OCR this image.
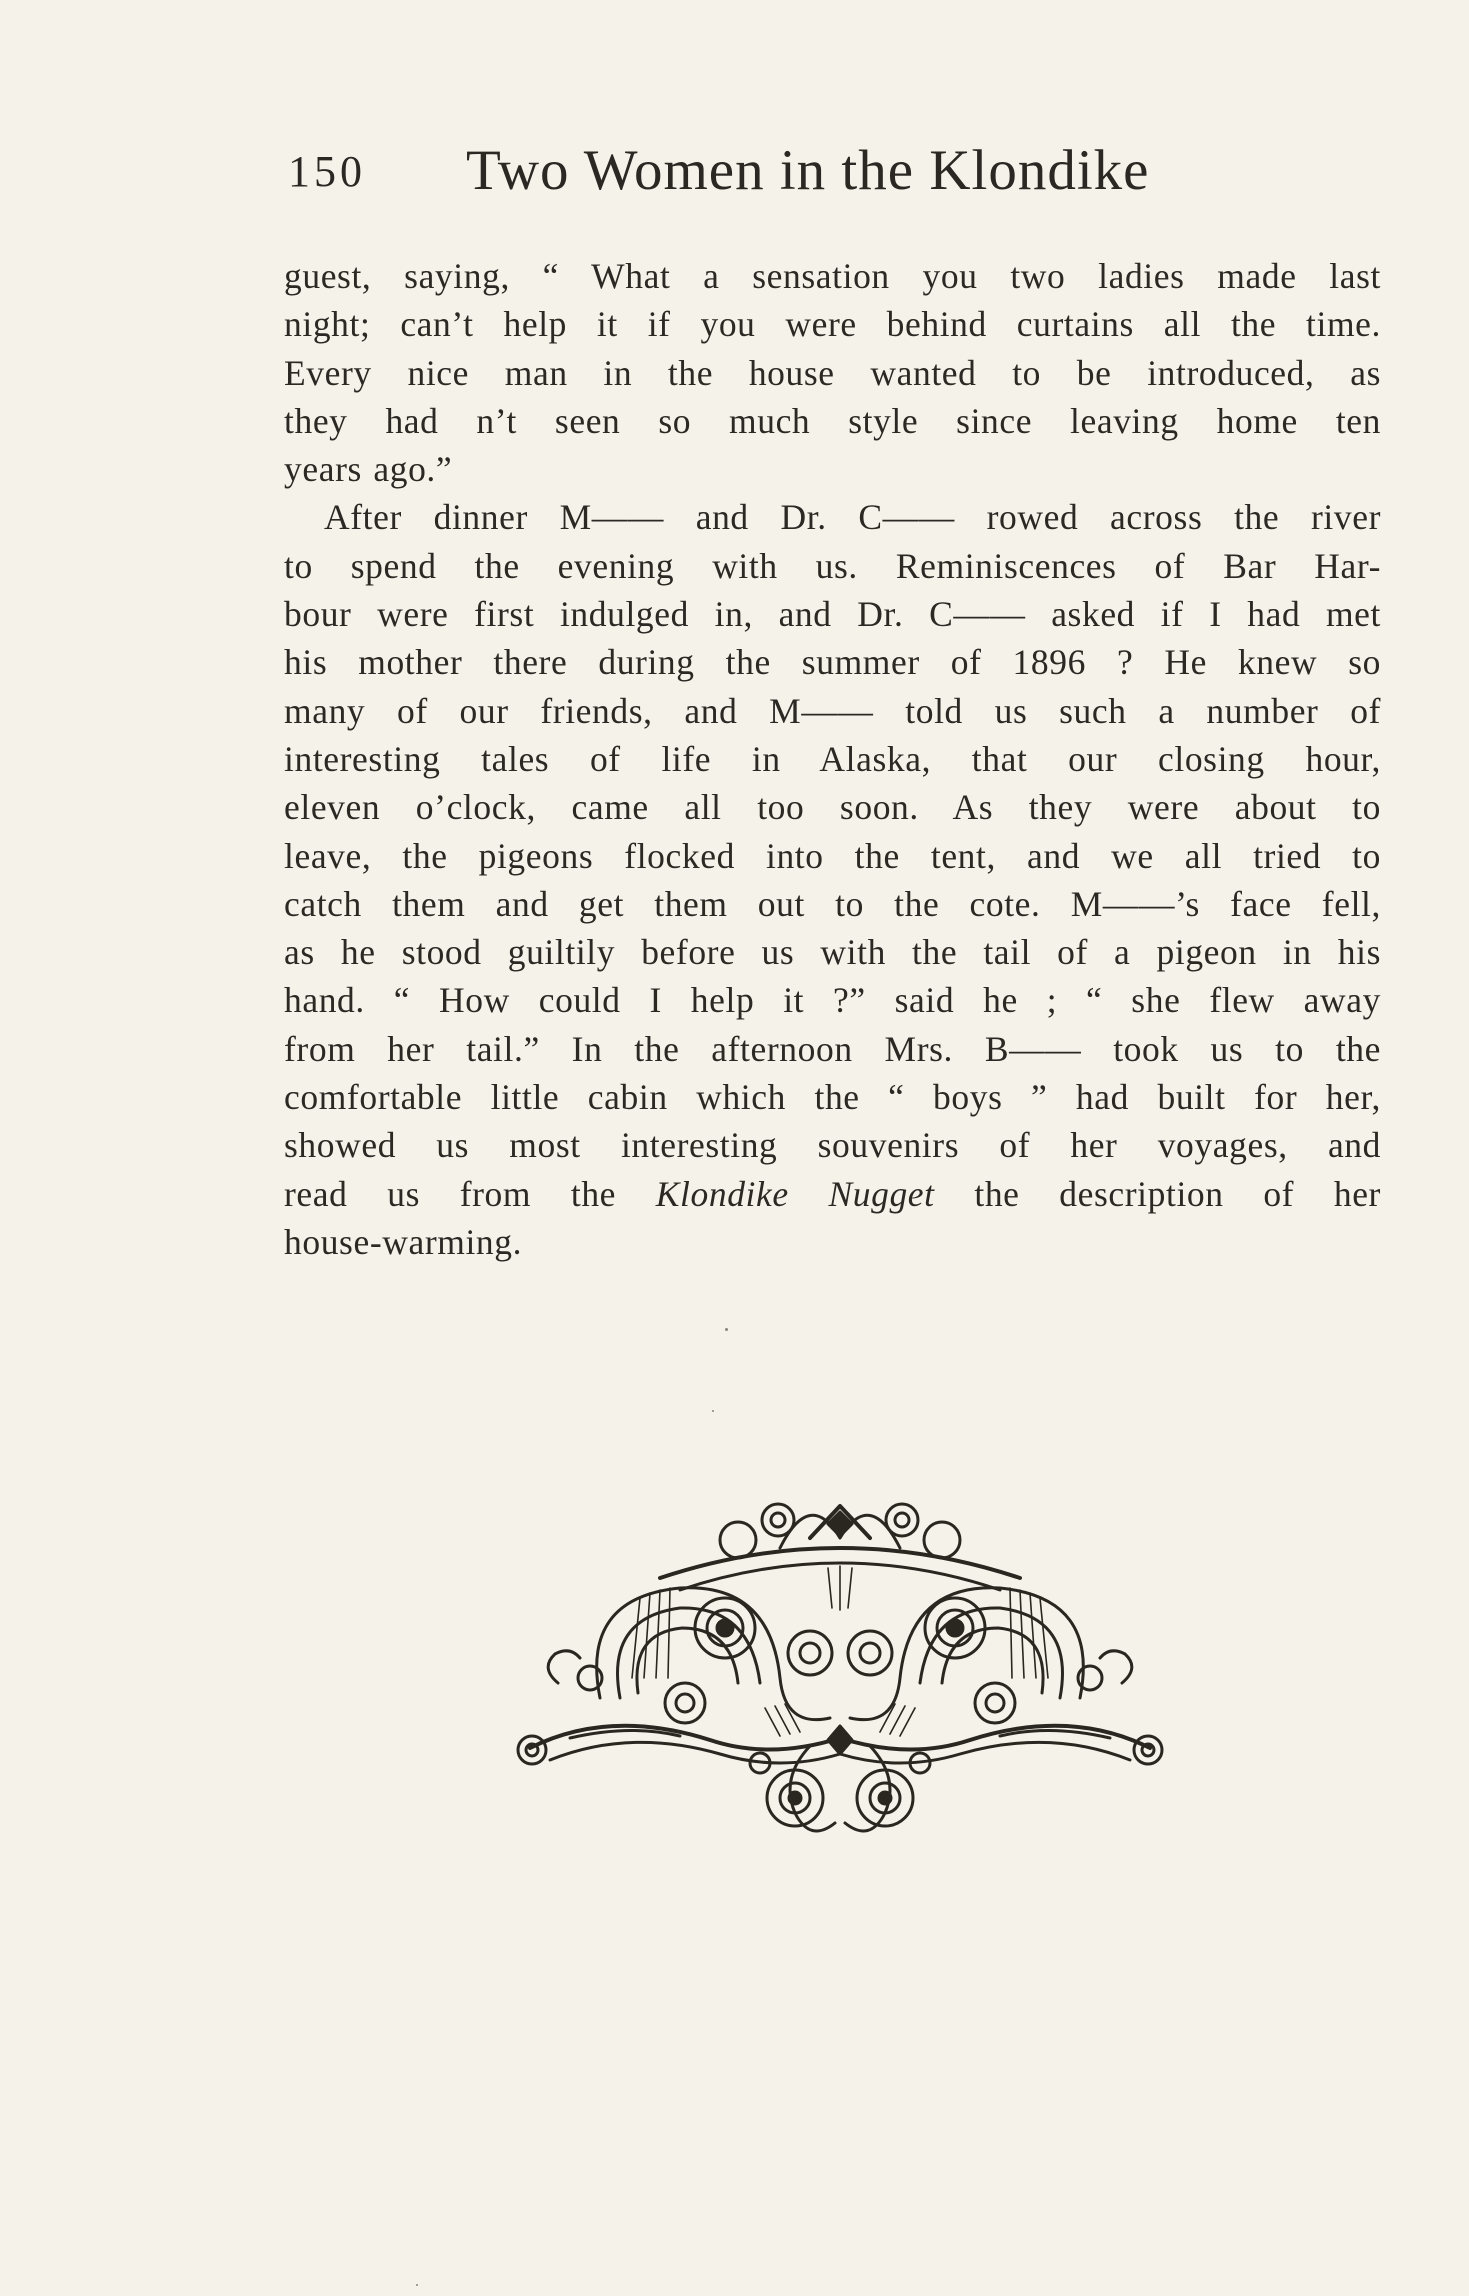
150 Two Women in the Klondike
guest, saying, “ What a sensation you two ladies made last
night; can’t help it if you were behind curtains all the time.
Every nice man in the house wanted to be introduced, as
they had n’t seen so much style since leaving home ten
years ago.”
After dinner M—— and Dr. C—— rowed across the river
to spend the evening with us. Reminiscences of Bar Har-
bour were first indulged in, and Dr. C—— asked if I had met
his mother there during the summer of 1896 ? He knew so
many of our friends, and M—— told us such a number of
interesting tales of life in Alaska, that our closing hour,
eleven o’clock, came all too soon. As they were about to
leave, the pigeons flocked into the tent, and we all tried to
catch them and get them out to the cote. M——’s face fell,
as he stood guiltily before us with the tail of a pigeon in his
hand. “ How could I help it ?” said he ; “ she flew away
from her tail.” In the afternoon Mrs. B—— took us to the
comfortable little cabin which the “ boys ” had built for her,
showed us most interesting souvenirs of her voyages, and
read us from the Klondike Nugget the description of her
house-warming.
